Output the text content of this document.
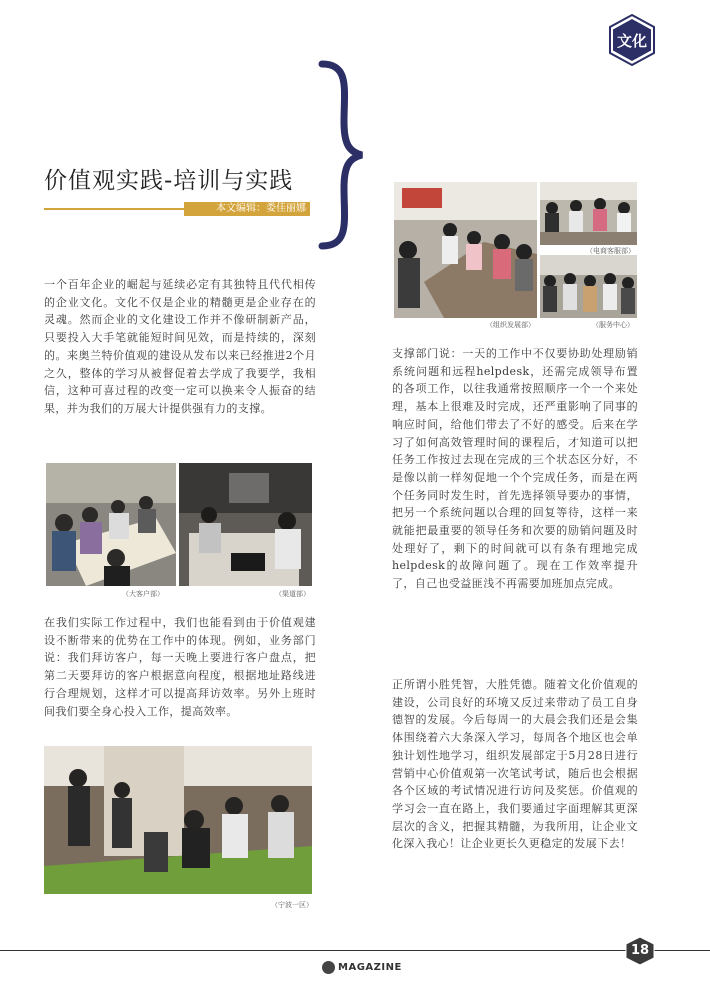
文化
价值观实践-培训与实践
本文编辑：娄佳丽娜
一个百年企业的崛起与延续必定有其独特且代代相传的企业文化。文化不仅是企业的精髓更是企业存在的灵魂。然而企业的文化建设工作并不像研制新产品，只要投入大手笔就能短时间见效，而是持续的，深刻的。来奥兰特价值观的建设从发布以来已经推进2个月之久，整体的学习从被督促着去学成了我要学，我相信，这种可喜过程的改变一定可以换来令人振奋的结果，并为我们的万展大计提供强有力的支撑。
（大客户部）	（渠道部）
在我们实际工作过程中，我们也能看到由于价值观建设不断带来的优势在工作中的体现。例如，业务部门说：我们拜访客户，每一天晚上要进行客户盘点，把第二天要拜访的客户根据意向程度，根据地址路线进行合理规划，这样才可以提高拜访效率。另外上班时间我们要全身心投入工作，提高效率。
（宁波一区）
（电商客服部）
（组织发展部）	（服务中心）
支撑部门说：一天的工作中不仅要协助处理励销系统问题和远程helpdesk，还需完成领导布置的各项工作，以往我通常按照顺序一个一个来处理，基本上很难及时完成，还严重影响了同事的响应时间，给他们带去了不好的感受。后来在学习了如何高效管理时间的课程后，才知道可以把任务工作按过去现在完成的三个状态区分好，不是像以前一样匆促地一个个完成任务，而是在两个任务同时发生时，首先选择领导要办的事情，把另一个系统问题以合理的回复等待，这样一来就能把最重要的领导任务和次要的励销问题及时处理好了，剩下的时间就可以有条有理地完成helpdesk的故障问题了。现在工作效率提升了，自己也受益匪浅不再需要加班加点完成。
正所谓小胜凭智，大胜凭德。随着文化价值观的建设，公司良好的环境又反过来带动了员工自身德智的发展。今后每周一的大晨会我们还是会集体围绕着六大条深入学习，每周各个地区也会单独计划性地学习，组织发展部定于5月28日进行营销中心价值观第一次笔试考试，随后也会根据各个区域的考试情况进行访问及奖惩。价值观的学习会一直在路上，我们要通过字面理解其更深层次的含义，把握其精髓，为我所用，让企业文化深入我心！让企业更长久更稳定的发展下去！
18
MAGAZINE
